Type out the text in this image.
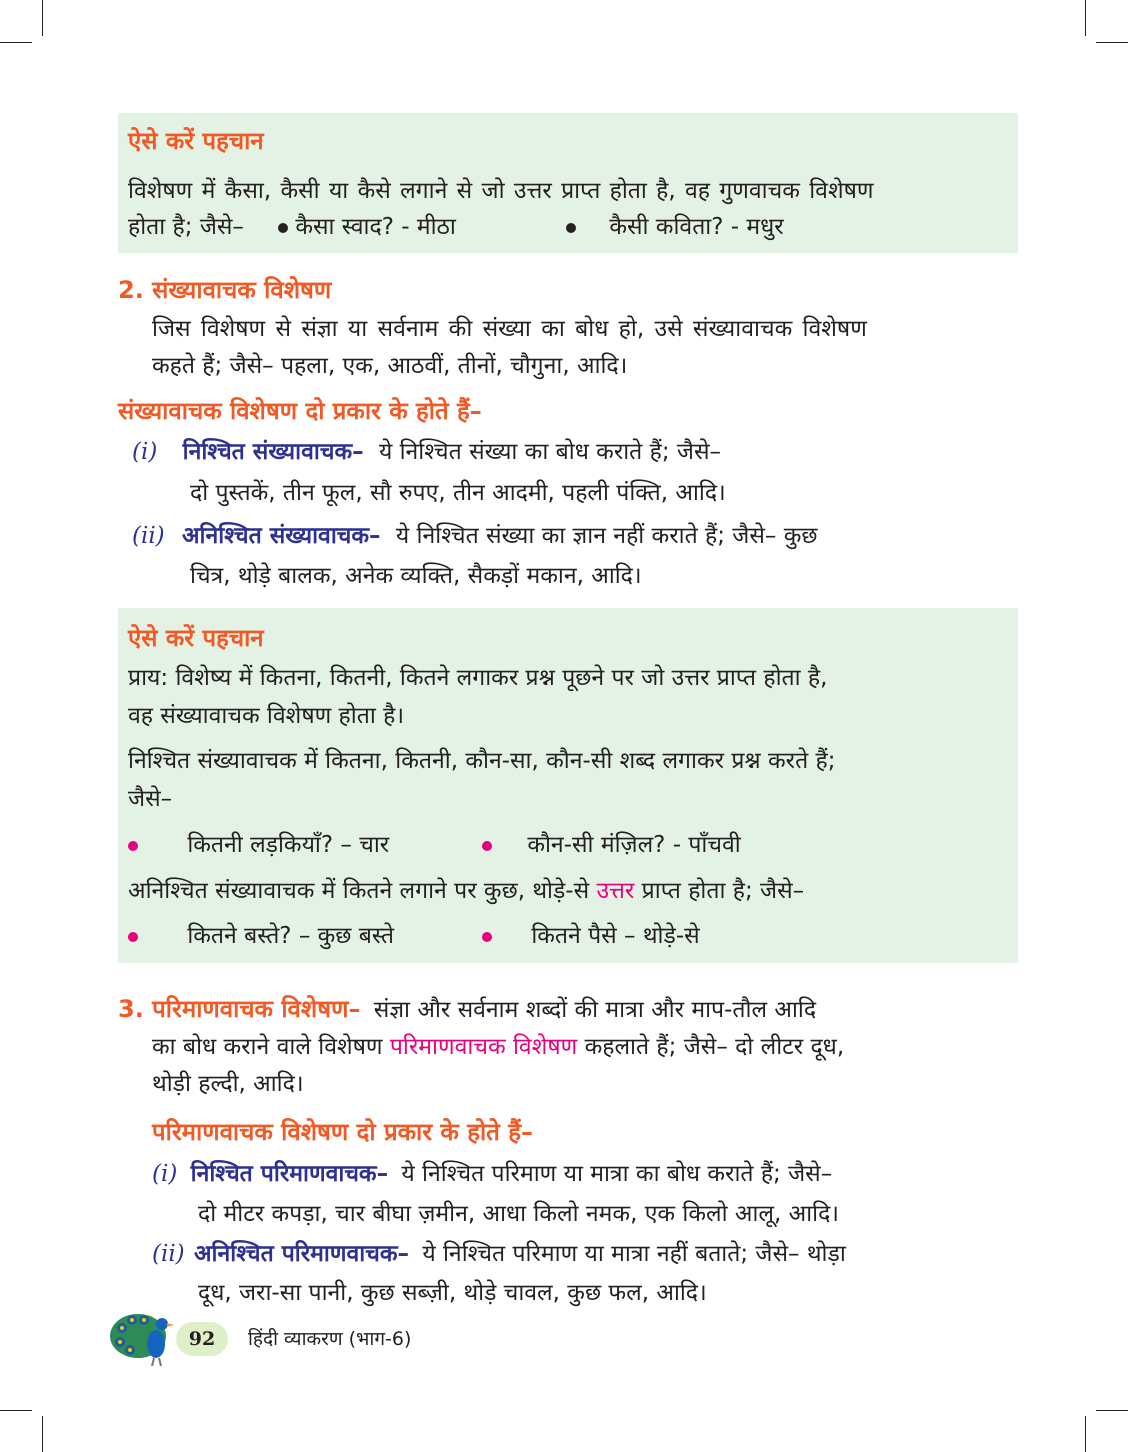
ऐसे करें पहचान
विशेषण में कैसा, कैसी या कैसे लगाने से जो उत्तर प्राप्त होता है, वह गुणवाचक विशेषण
होता है; जैसे–	कैसा स्वाद? - मीठा	कैसी कविता? - मधुर
2. संख्यावाचक विशेषण
जिस विशेषण से संज्ञा या सर्वनाम की संख्या का बोध हो, उसे संख्यावाचक विशेषण
कहते हैं; जैसे– पहला, एक, आठवीं, तीनों, चौगुना, आदि।
संख्यावाचक विशेषण दो प्रकार के होते हैं–
(i) निश्चित संख्यावाचक– ये निश्चित संख्या का बोध कराते हैं; जैसे–
दो पुस्तकें, तीन फूल, सौ रुपए, तीन आदमी, पहली पंक्ति, आदि।
(ii) अनिश्चित संख्यावाचक– ये निश्चित संख्या का ज्ञान नहीं कराते हैं; जैसे– कुछ
चित्र, थोड़े बालक, अनेक व्यक्ति, सैकड़ों मकान, आदि।
ऐसे करें पहचान
प्राय: विशेष्य में कितना, कितनी, कितने लगाकर प्रश्न पूछने पर जो उत्तर प्राप्त होता है,
वह संख्यावाचक विशेषण होता है।
निश्चित संख्यावाचक में कितना, कितनी, कौन-सा, कौन-सी शब्द लगाकर प्रश्न करते हैं;
जैसे–
कितनी लड़कियाँ? – चार	कौन-सी मंज़िल? - पाँचवी
अनिश्चित संख्यावाचक में कितने लगाने पर कुछ, थोड़े-से उत्तर प्राप्त होता है; जैसे–
कितने बस्ते? – कुछ बस्ते	कितने पैसे – थोड़े-से
3. परिमाणवाचक विशेषण– संज्ञा और सर्वनाम शब्दों की मात्रा और माप-तौल आदि
का बोध कराने वाले विशेषण परिमाणवाचक विशेषण कहलाते हैं; जैसे– दो लीटर दूध,
थोड़ी हल्दी, आदि।
परिमाणवाचक विशेषण दो प्रकार के होते हैं–
(i) निश्चित परिमाणवाचक– ये निश्चित परिमाण या मात्रा का बोध कराते हैं; जैसे–
दो मीटर कपड़ा, चार बीघा ज़मीन, आधा किलो नमक, एक किलो आलू, आदि।
(ii) अनिश्चित परिमाणवाचक– ये निश्चित परिमाण या मात्रा नहीं बताते; जैसे– थोड़ा
दूध, जरा-सा पानी, कुछ सब्ज़ी, थोड़े चावल, कुछ फल, आदि।
92	हिंदी व्याकरण (भाग-6)
